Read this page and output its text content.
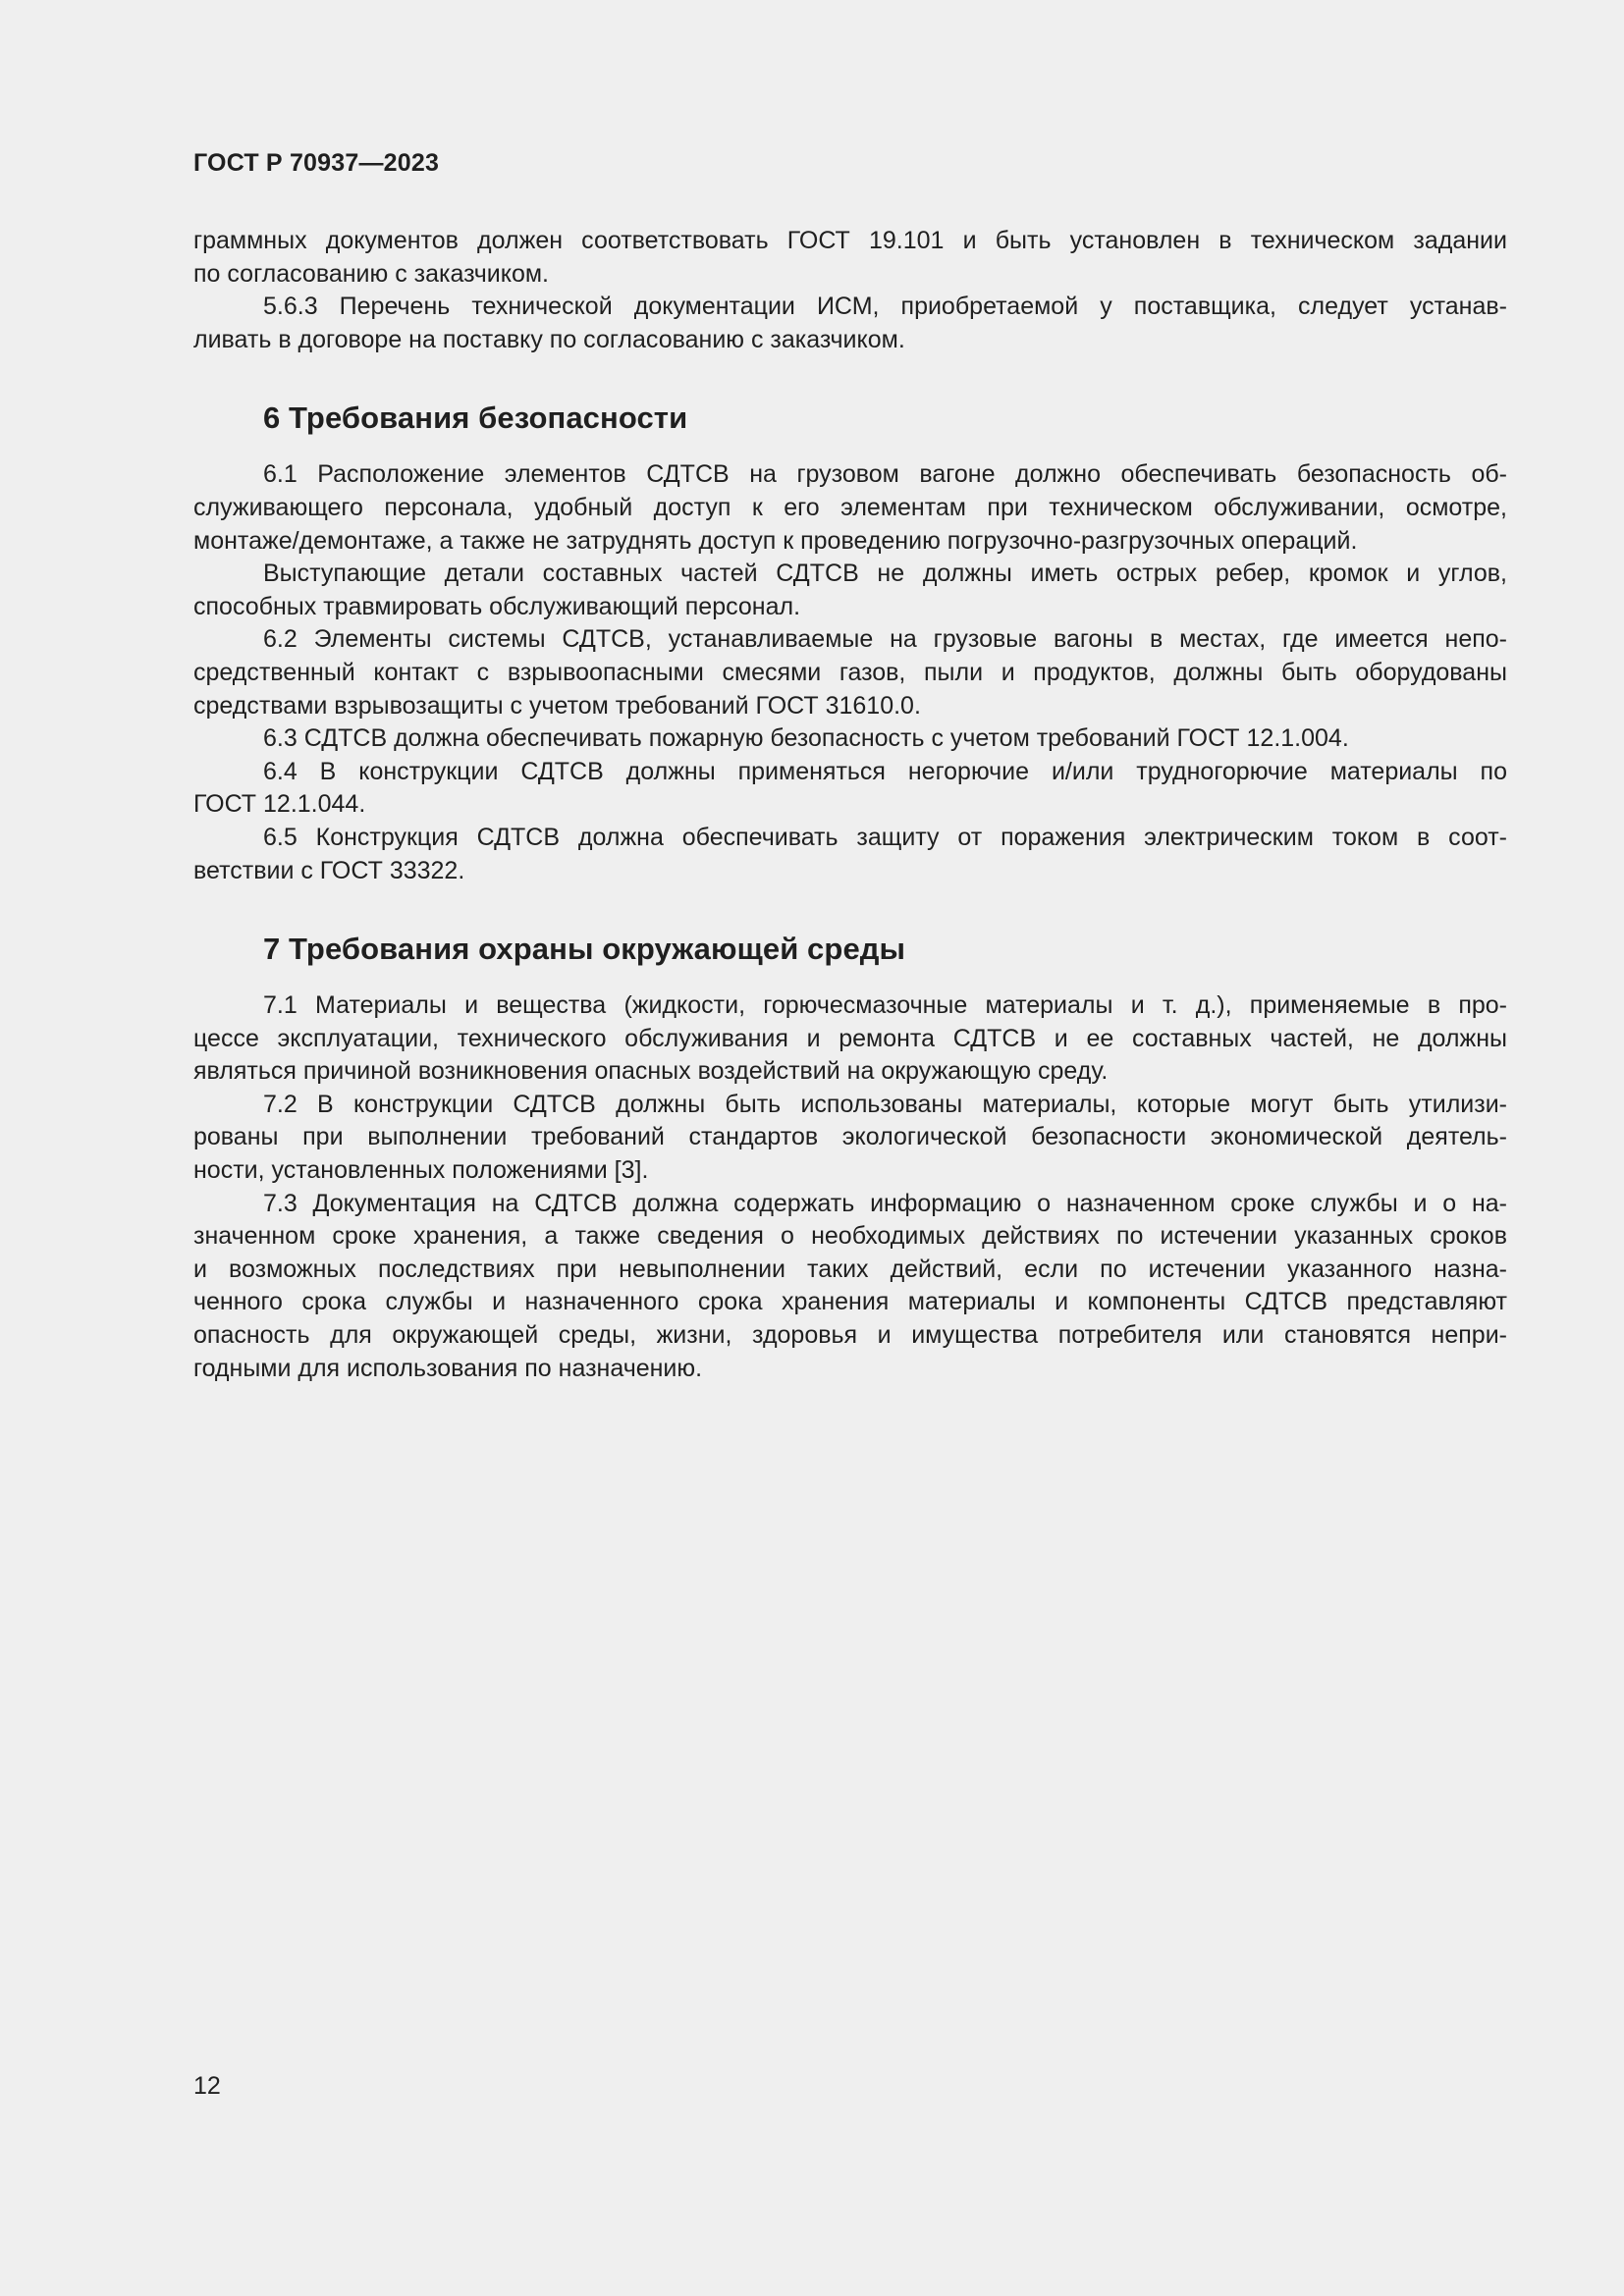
ГОСТ Р 70937—2023

граммных документов должен соответствовать ГОСТ 19.101 и быть установлен в техническом задании

по согласованию с заказчиком.

5.6.3 Перечень технической документации ИСМ, приобретаемой у поставщика, следует устанав-

ливать в договоре на поставку по согласованию с заказчиком.

6 Требования безопасности

6.1 Расположение элементов СДТСВ на грузовом вагоне должно обеспечивать безопасность об-

служивающего персонала, удобный доступ к его элементам при техническом обслуживании, осмотре,

монтаже/демонтаже, а также не затруднять доступ к проведению погрузочно-разгрузочных операций.

Выступающие детали составных частей СДТСВ не должны иметь острых ребер, кромок и углов,

способных травмировать обслуживающий персонал.

6.2 Элементы системы СДТСВ, устанавливаемые на грузовые вагоны в местах, где имеется непо-

средственный контакт с взрывоопасными смесями газов, пыли и продуктов, должны быть оборудованы

средствами взрывозащиты с учетом требований ГОСТ 31610.0.

6.3 СДТСВ должна обеспечивать пожарную безопасность с учетом требований ГОСТ 12.1.004.

6.4 В конструкции СДТСВ должны применяться негорючие и/или трудногорючие материалы по

ГОСТ 12.1.044.

6.5 Конструкция СДТСВ должна обеспечивать защиту от поражения электрическим током в соот-

ветствии с ГОСТ 33322.

7 Требования охраны окружающей среды

7.1 Материалы и вещества (жидкости, горючесмазочные материалы и т. д.), применяемые в про-

цессе эксплуатации, технического обслуживания и ремонта СДТСВ и ее составных частей, не должны

являться причиной возникновения опасных воздействий на окружающую среду.

7.2 В конструкции СДТСВ должны быть использованы материалы, которые могут быть утилизи-

рованы при выполнении требований стандартов экологической безопасности экономической деятель-

ности, установленных положениями [3].

7.3 Документация на СДТСВ должна содержать информацию о назначенном сроке службы и о на-

значенном сроке хранения, а также сведения о необходимых действиях по истечении указанных сроков

и возможных последствиях при невыполнении таких действий, если по истечении указанного назна-

ченного срока службы и назначенного срока хранения материалы и компоненты СДТСВ представляют

опасность для окружающей среды, жизни, здоровья и имущества потребителя или становятся непри-

годными для использования по назначению.

12
